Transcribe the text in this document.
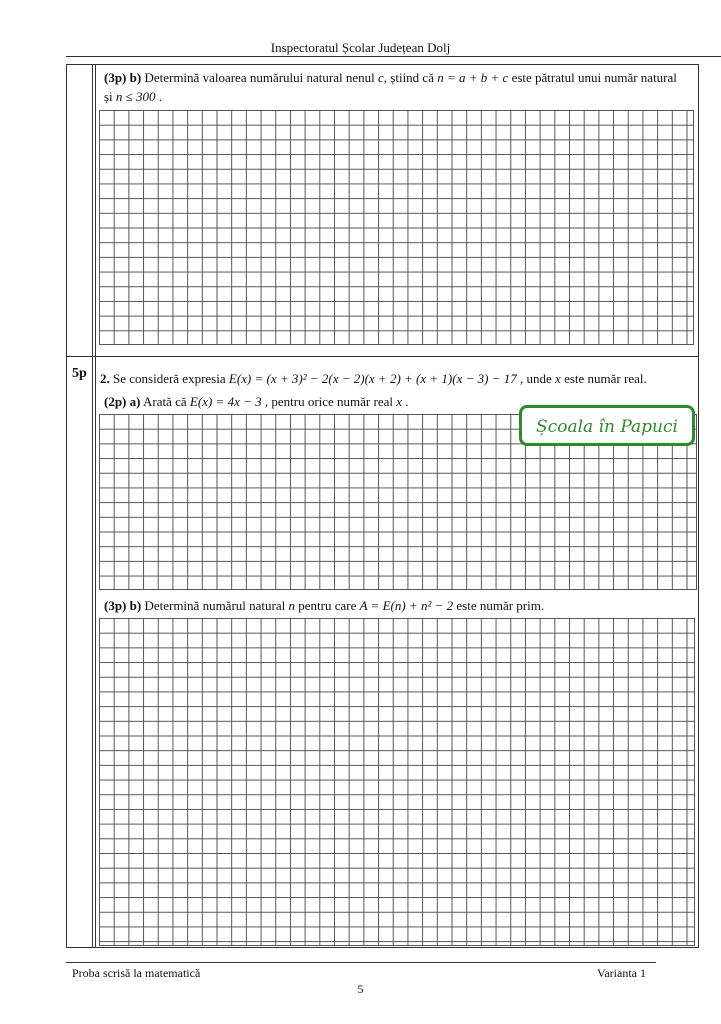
Inspectoratul Școlar Județean Dolj
(3p) b) Determină valoarea numărului natural nenul c, știind că n = a + b + c este pătratul unui număr natural
și n ≤ 300 .
5p 2. Se consideră expresia E(x) = (x + 3)² − 2(x − 2)(x + 2) + (x + 1)(x − 3) − 17 , unde x este număr real.
(2p) a) Arată că E(x) = 4x − 3 , pentru orice număr real x .
Școala în Papuci
(3p) b) Determină numărul natural n pentru care A = E(n) + n² − 2 este număr prim.
Proba scrisă la matematică	Varianta 1
5
